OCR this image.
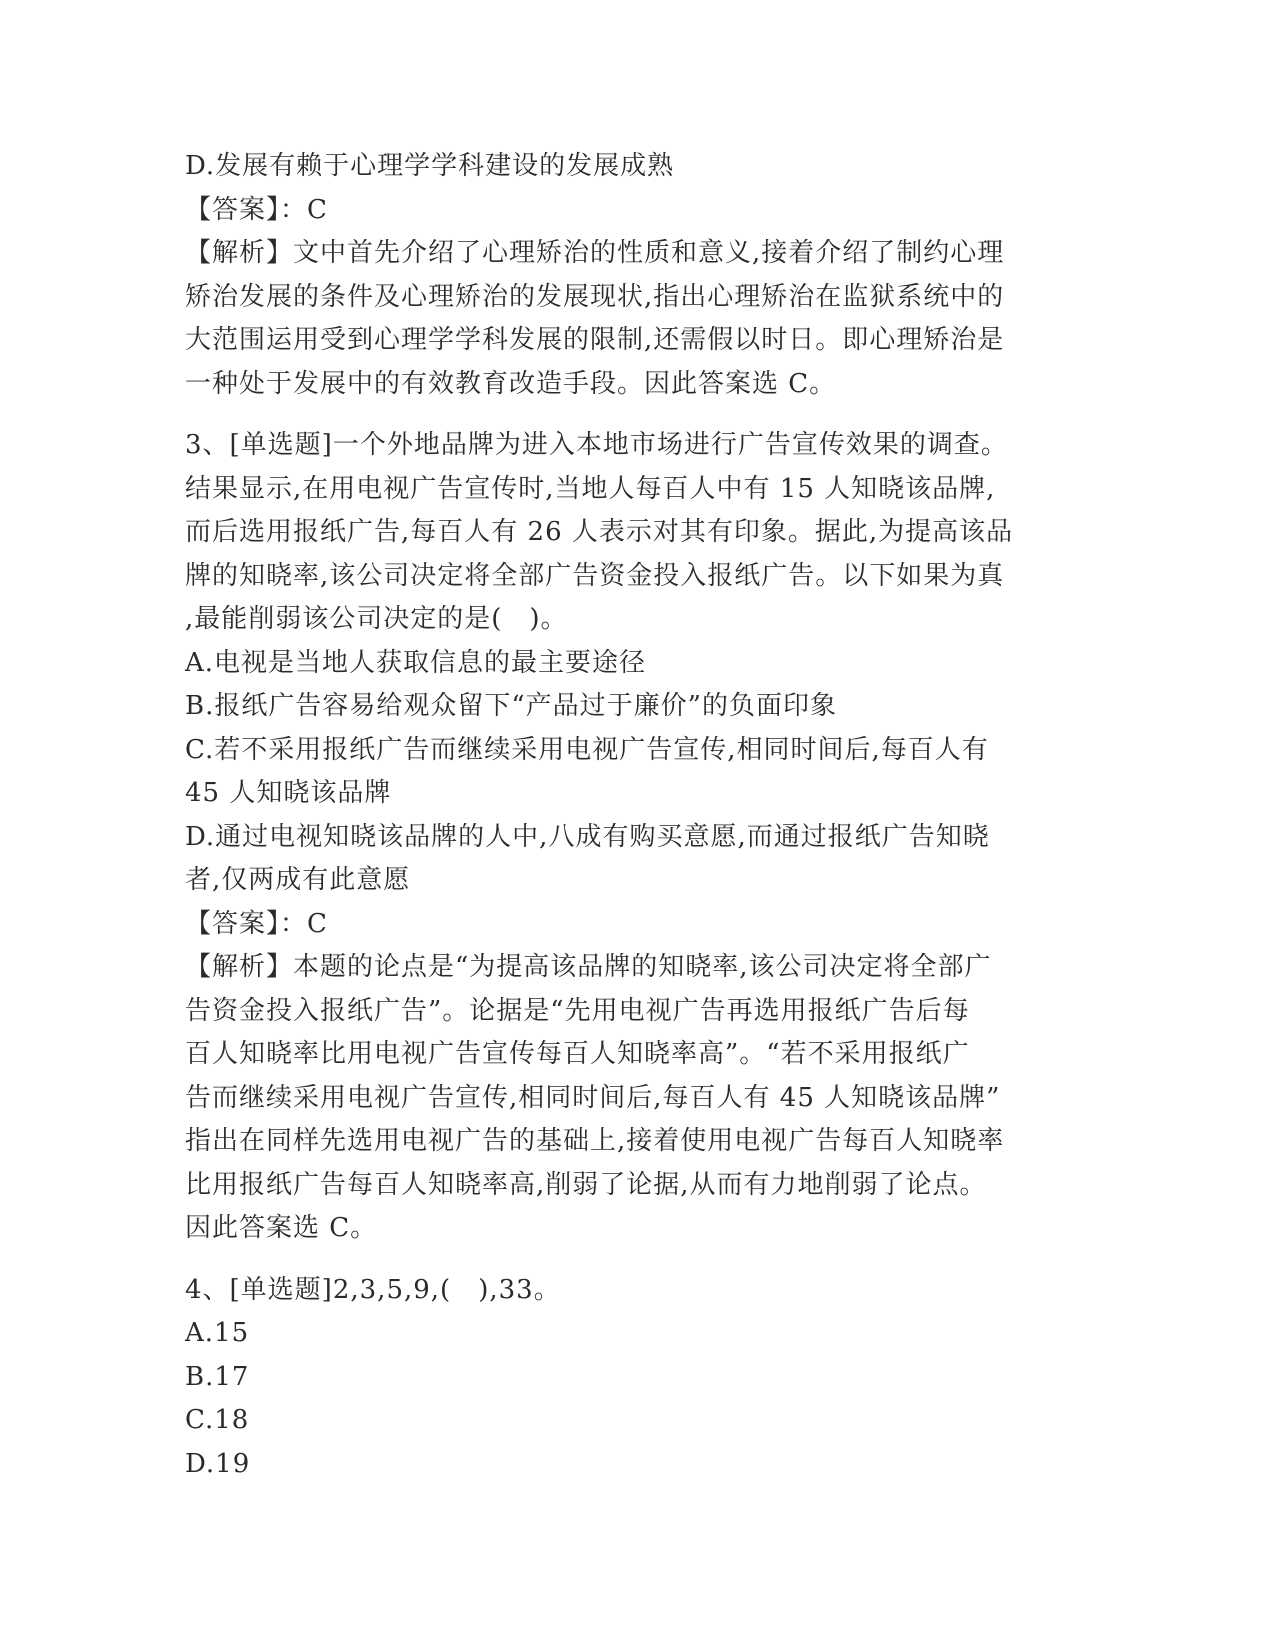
D.发展有赖于心理学学科建设的发展成熟
【答案】：C
【解析】文中首先介绍了心理矫治的性质和意义,接着介绍了制约心理
矫治发展的条件及心理矫治的发展现状,指出心理矫治在监狱系统中的
大范围运用受到心理学学科发展的限制,还需假以时日。即心理矫治是
一种处于发展中的有效教育改造手段。因此答案选 C。
3、[单选题]一个外地品牌为进入本地市场进行广告宣传效果的调查。
结果显示,在用电视广告宣传时,当地人每百人中有 15 人知晓该品牌,
而后选用报纸广告,每百人有 26 人表示对其有印象。据此,为提高该品
牌的知晓率,该公司决定将全部广告资金投入报纸广告。以下如果为真
,最能削弱该公司决定的是(　)。
A.电视是当地人获取信息的最主要途径
B.报纸广告容易给观众留下“产品过于廉价”的负面印象
C.若不采用报纸广告而继续采用电视广告宣传,相同时间后,每百人有
45 人知晓该品牌
D.通过电视知晓该品牌的人中,八成有购买意愿,而通过报纸广告知晓
者,仅两成有此意愿
【答案】：C
【解析】本题的论点是“为提高该品牌的知晓率,该公司决定将全部广
告资金投入报纸广告”。论据是“先用电视广告再选用报纸广告后每
百人知晓率比用电视广告宣传每百人知晓率高”。“若不采用报纸广
告而继续采用电视广告宣传,相同时间后,每百人有 45 人知晓该品牌”
指出在同样先选用电视广告的基础上,接着使用电视广告每百人知晓率
比用报纸广告每百人知晓率高,削弱了论据,从而有力地削弱了论点。
因此答案选 C。
4、[单选题]2,3,5,9,(　),33。
A.15
B.17
C.18
D.19
